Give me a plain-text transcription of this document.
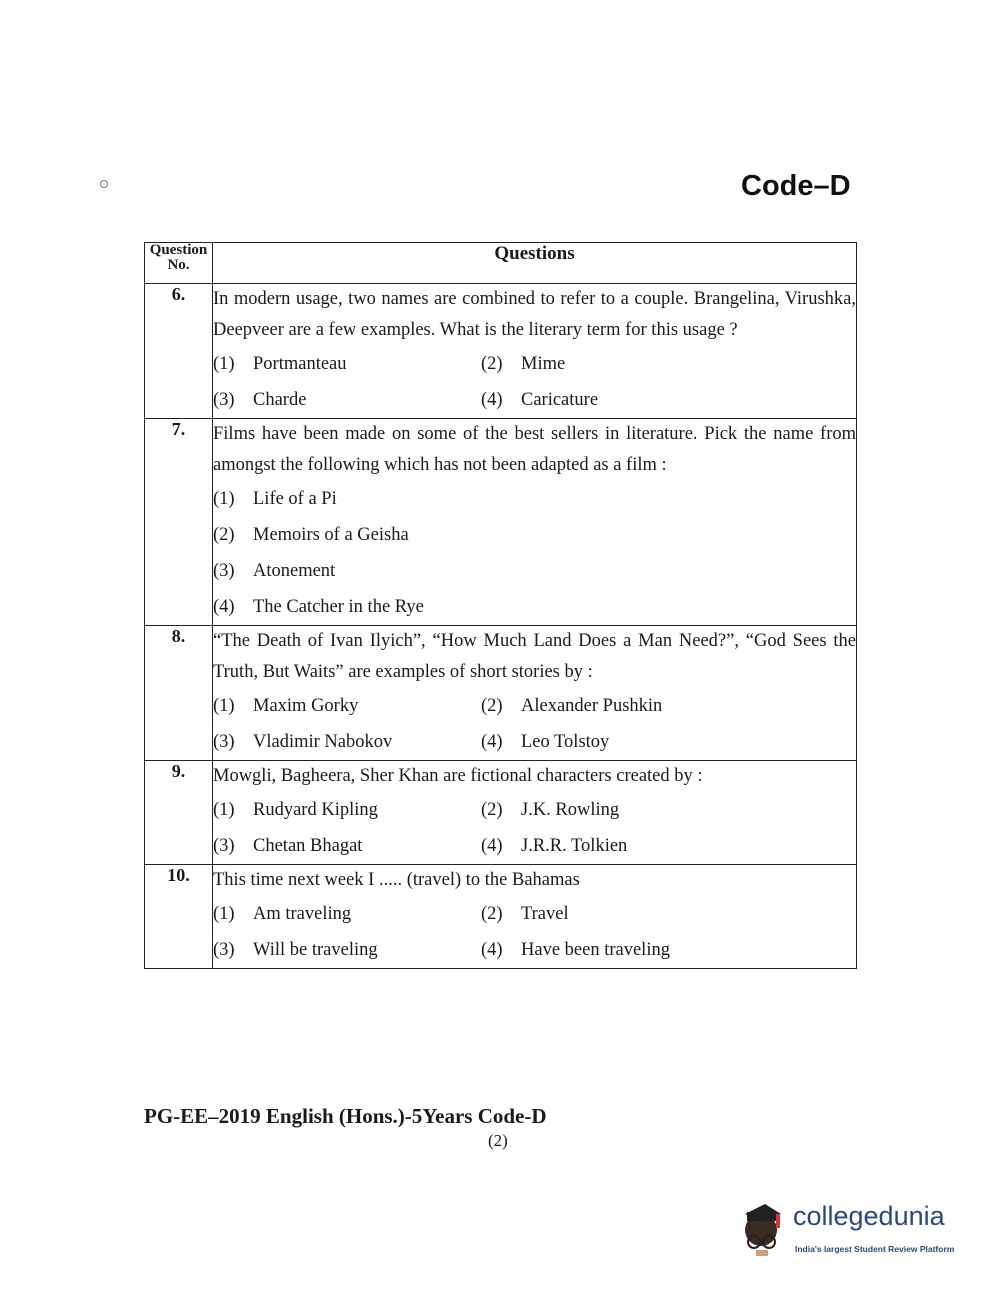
Code–D
Question No.	Questions
6.	In modern usage, two names are combined to refer to a couple. Brangelina, Virushka, Deepveer are a few examples. What is the literary term for this usage ?
(1) Portmanteau (2) Mime
(3) Charde (4) Caricature

7.	Films have been made on some of the best sellers in literature. Pick the name from amongst the following which has not been adapted as a film :
(1) Life of a Pi
(2) Memoirs of a Geisha
(3) Atonement
(4) The Catcher in the Rye

8.	“The Death of Ivan Ilyich”, “How Much Land Does a Man Need?”, “God Sees the Truth, But Waits” are examples of short stories by :
(1) Maxim Gorky (2) Alexander Pushkin
(3) Vladimir Nabokov (4) Leo Tolstoy

9.	Mowgli, Bagheera, Sher Khan are fictional characters created by :
(1) Rudyard Kipling (2) J.K. Rowling
(3) Chetan Bhagat (4) J.R.R. Tolkien

10.	This time next week I ..... (travel) to the Bahamas
(1) Am traveling (2) Travel
(3) Will be traveling (4) Have been traveling
PG-EE–2019 English (Hons.)-5Years Code-D
(2)
collegedunia
India's largest Student Review Platform
